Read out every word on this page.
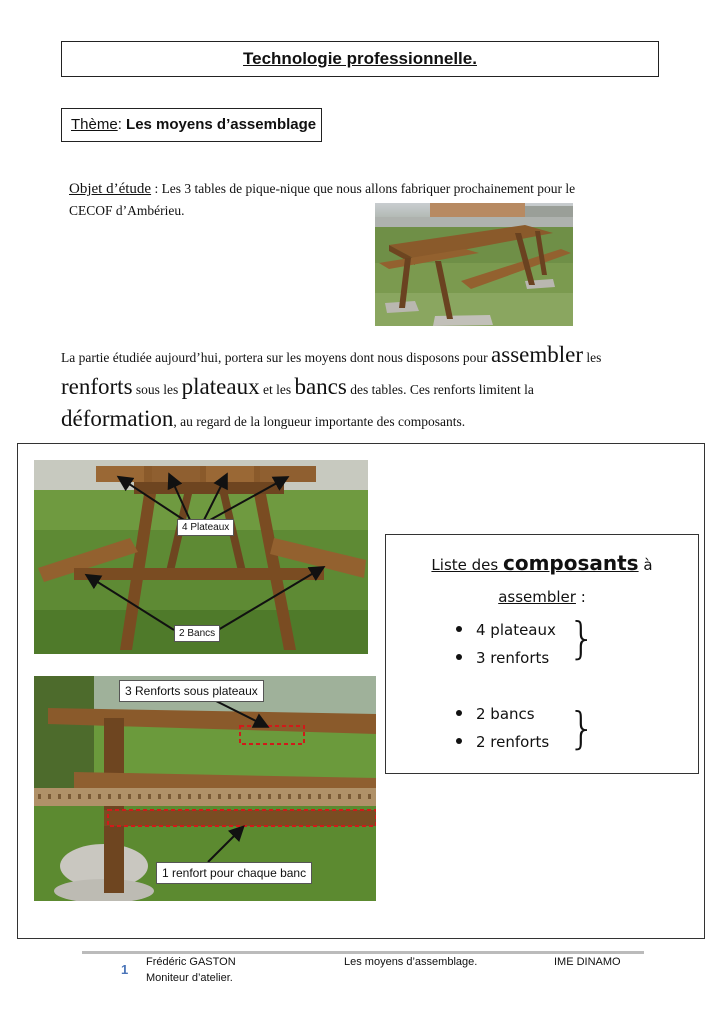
Technologie professionnelle.
Thème: Les moyens d’assemblage
Objet d’étude : Les 3 tables de pique-nique que nous allons fabriquer prochainement pour le
CECOF d’Ambérieu.
La partie étudiée aujourd’hui, portera sur les moyens dont nous disposons pour assembler les
renforts sous les plateaux et les bancs des tables. Ces renforts limitent la
déformation, au regard de la longueur importante des composants.
4 Plateaux
2 Bancs
3 Renforts sous plateaux
1 renfort pour chaque banc
Liste des composants à
assembler :
4 plateaux
3 renforts }
2 bancs
2 renforts }
1 Frédéric GASTON
Moniteur d’atelier.
Les moyens d’assemblage.	IME DINAMO
